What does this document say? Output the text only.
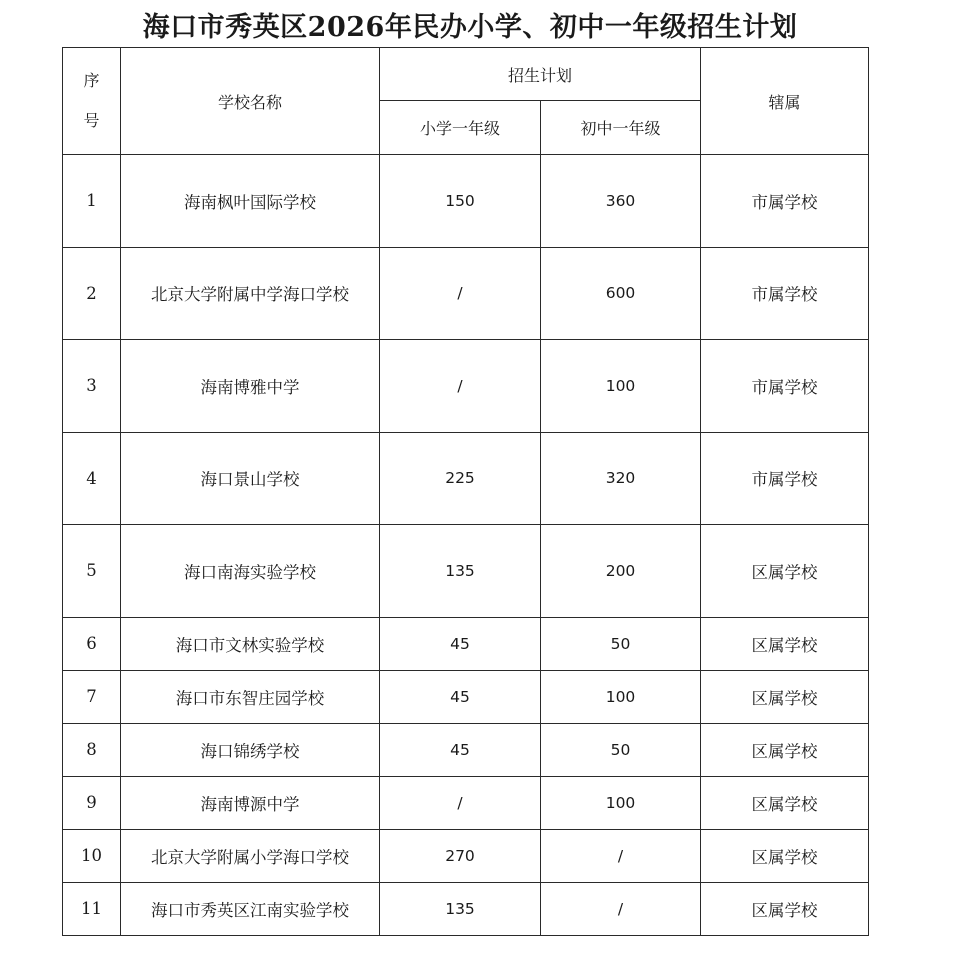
海口市秀英区2026年民办小学、初中一年级招生计划
序
号	学校名称	招生计划		辖属
		小学一年级	初中一年级	
1	海南枫叶国际学校	150	360	市属学校
2	北京大学附属中学海口学校	/	600	市属学校
3	海南博雅中学	/	100	市属学校
4	海口景山学校	225	320	市属学校
5	海口南海实验学校	135	200	区属学校
6	海口市文林实验学校	45	50	区属学校
7	海口市东智庄园学校	45	100	区属学校
8	海口锦绣学校	45	50	区属学校
9	海南博源中学	/	100	区属学校
10	北京大学附属小学海口学校	270	/	区属学校
11	海口市秀英区江南实验学校	135	/	区属学校
